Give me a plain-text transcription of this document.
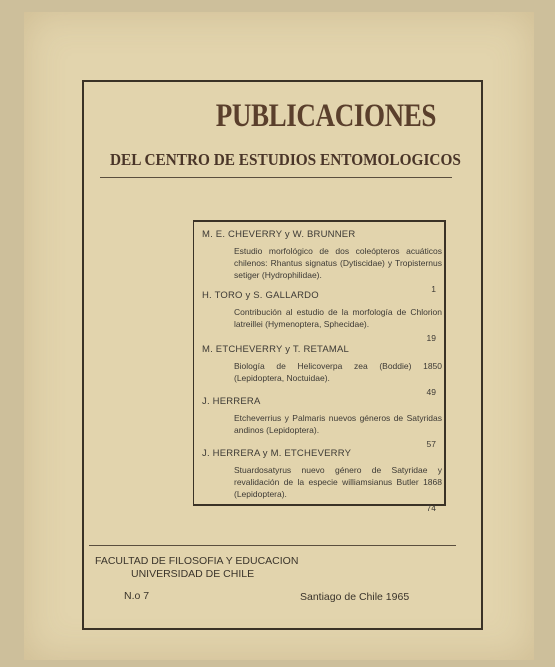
PUBLICACIONES
DEL CENTRO DE ESTUDIOS ENTOMOLOGICOS
M. E. CHEVERRY y W. BRUNNER
Estudio morfológico de dos coleópteros acuáticos chilenos: Rhantus signatus (Dytiscidae) y Tropisternus setiger (Hydrophilidae).
1
H. TORO y S. GALLARDO
Contribución al estudio de la morfología de Chlorion latreillei (Hymenoptera, Sphecidae).
19
M. ETCHEVERRY y T. RETAMAL
Biología de Helicoverpa zea (Boddie) 1850 (Lepidoptera, Noctuidae).
49
J. HERRERA
Etcheverrius y Palmaris nuevos géneros de Satyridas andinos (Lepidoptera).
57
J. HERRERA y M. ETCHEVERRY
Stuardosatyrus nuevo género de Satyridae y revalidación de la especie williamsianus Butler 1868 (Lepidoptera).
74
FACULTAD DE FILOSOFIA Y EDUCACION
UNIVERSIDAD DE CHILE
N.o 7	Santiago de Chile 1965
